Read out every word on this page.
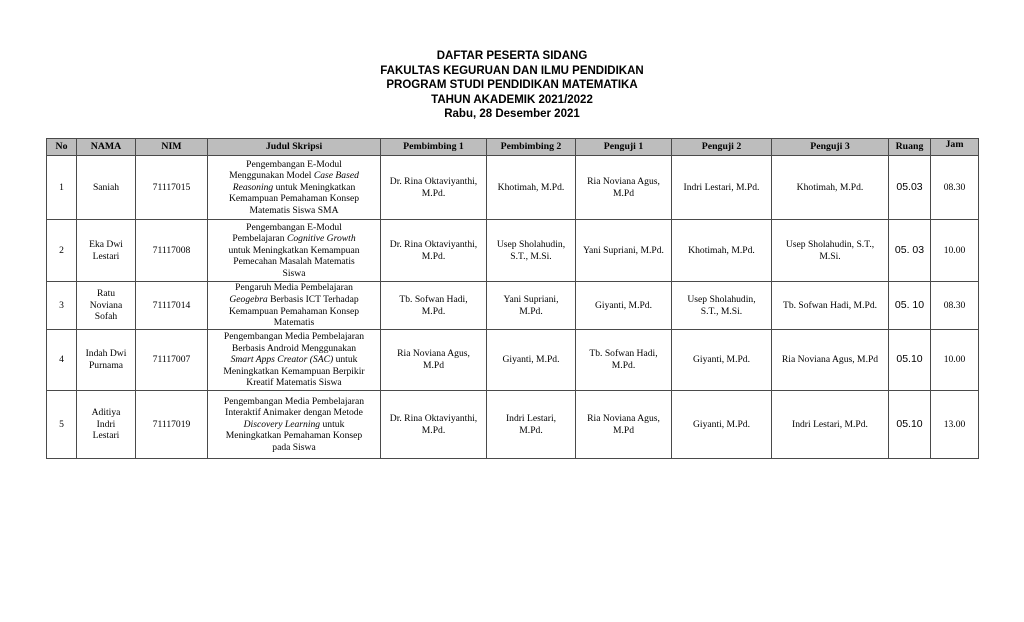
DAFTAR PESERTA SIDANG
FAKULTAS KEGURUAN DAN ILMU PENDIDIKAN
PROGRAM STUDI PENDIDIKAN MATEMATIKA
TAHUN AKADEMIK 2021/2022
Rabu, 28 Desember 2021
No	NAMA	NIM	Judul Skripsi	Pembimbing 1	Pembimbing 2	Penguji 1	Penguji 2	Penguji 3	Ruang	Jam
1	Saniah	71117015	Pengembangan E-Modul
Menggunakan Model Case Based
Reasoning untuk Meningkatkan
Kemampuan Pemahaman Konsep
Matematis Siswa SMA	Dr. Rina Oktaviyanthi,
M.Pd.	Khotimah, M.Pd.	Ria Noviana Agus,
M.Pd	Indri Lestari, M.Pd.	Khotimah, M.Pd.	05.03	08.30
2	Eka Dwi
Lestari	71117008	Pengembangan E-Modul
Pembelajaran Cognitive Growth
untuk Meningkatkan Kemampuan
Pemecahan Masalah Matematis
Siswa	Dr. Rina Oktaviyanthi,
M.Pd.	Usep Sholahudin,
S.T., M.Si.	Yani Supriani, M.Pd.	Khotimah, M.Pd.	Usep Sholahudin, S.T.,
M.Si.	05. 03	10.00
3	Ratu
Noviana
Sofah	71117014	Pengaruh Media Pembelajaran
Geogebra Berbasis ICT Terhadap
Kemampuan Pemahaman Konsep
Matematis	Tb. Sofwan Hadi,
M.Pd.	Yani Supriani,
M.Pd.	Giyanti, M.Pd.	Usep Sholahudin,
S.T., M.Si.	Tb. Sofwan Hadi, M.Pd.	05. 10	08.30
4	Indah Dwi
Purnama	71117007	Pengembangan Media Pembelajaran
Berbasis Android Menggunakan
Smart Apps Creator (SAC) untuk
Meningkatkan Kemampuan Berpikir
Kreatif Matematis Siswa	Ria Noviana Agus,
M.Pd	Giyanti, M.Pd.	Tb. Sofwan Hadi,
M.Pd.	Giyanti, M.Pd.	Ria Noviana Agus, M.Pd	05.10	10.00
5	Aditiya
Indri
Lestari	71117019	Pengembangan Media Pembelajaran
Interaktif Animaker dengan Metode
Discovery Learning untuk
Meningkatkan Pemahaman Konsep
pada Siswa	Dr. Rina Oktaviyanthi,
M.Pd.	Indri Lestari,
M.Pd.	Ria Noviana Agus,
M.Pd	Giyanti, M.Pd.	Indri Lestari, M.Pd.	05.10	13.00
